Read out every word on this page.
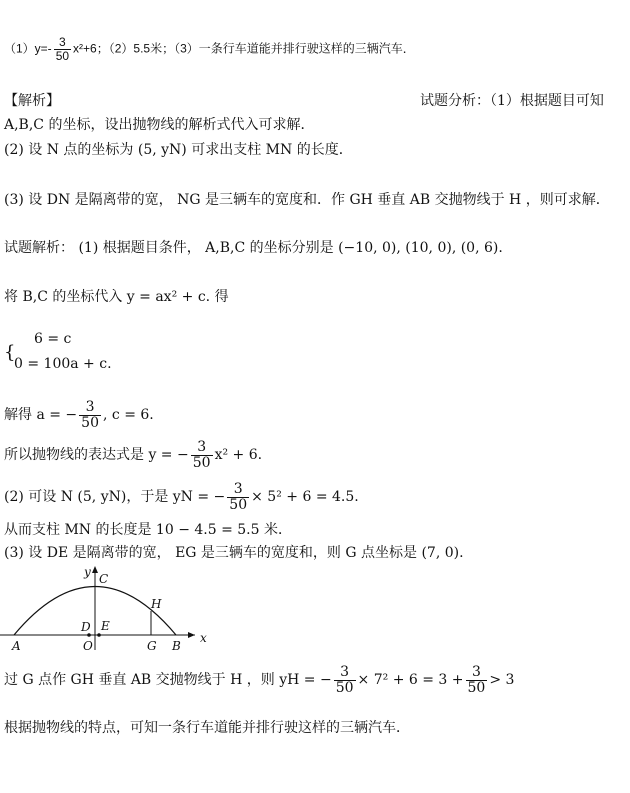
$(1)y=- \frac{3}{50} x^2+6$；（2）5.5米；（3）一条行车道能并排行驶这样的三辆汽车．
【解析】	试题分析：（1）根据题目可知
A,B,C 的坐标，设出抛物线的解析式代入可求解．
(2) 设 N 点的坐标为 (5, yN) 可求出支柱 MN 的长度．
(3) 设 DN 是隔离带的宽， NG 是三辆车的宽度和．作 GH 垂直 AB 交抛物线于 H ，则可求解．
试题解析： (1) 根据题目条件， A,B,C 的坐标分别是 (−10, 0), (10, 0), (0, 6).
将 B,C 的坐标代入 y = ax² + c. 得
{
6 = c
0 = 100a + c.
解得 a = − $\frac{3}{50}$ , c = 6.
所以抛物线的表达式是 y = − $\frac{3}{50} x^2 + 6$.
(2) 可设 N (5, yN)，于是 yN = − $\frac{3}{50} \times 5^2 + 6 = 4.5$.
从而支柱 MN 的长度是 10 − 4.5 = 5.5 米．
(3) 设 DE 是隔离带的宽， EG 是三辆车的宽度和，则 G 点坐标是 (7, 0).
y
x
C
H
D E
A	O	G B
过 G 点作 GH 垂直 AB 交抛物线于 H ，则 yH = − $\frac{3}{50} \times 7^2 + 6 = 3 + \frac{3}{50} > 3$
根据抛物线的特点，可知一条行车道能并排行驶这样的三辆汽车．
